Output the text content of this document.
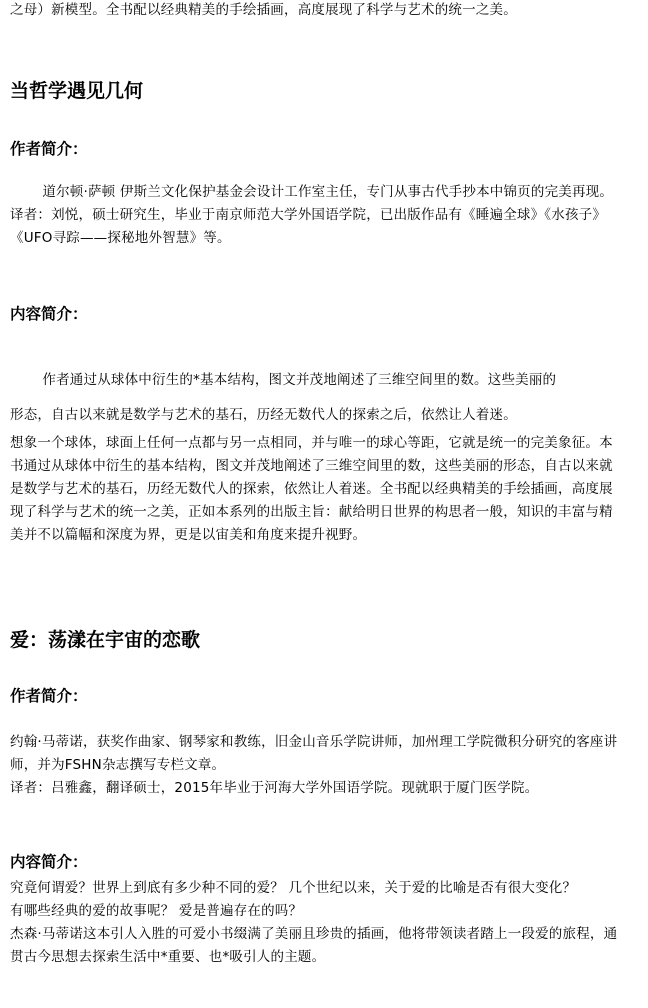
之母）新模型。全书配以经典精美的手绘插画，高度展现了科学与艺术的统一之美。

当哲学遇见几何
作者简介：

道尔顿·萨顿 伊斯兰文化保护基金会设计工作室主任，专门从事古代手抄本中锦页的完美再现。

译者：刘悦，硕士研究生，毕业于南京师范大学外国语学院，已出版作品有《睡遍全球》《水孩子》《UFO寻踪——探秘地外智慧》等。

内容简介：

作者通过从球体中衍生的*基本结构，图文并茂地阐述了三维空间里的数。这些美丽的

形态，自古以来就是数学与艺术的基石，历经无数代人的探索之后，依然让人着迷。

想象一个球体，球面上任何一点都与另一点相同，并与唯一的球心等距，它就是统一的完美象征。本书通过从球体中衍生的基本结构，图文并茂地阐述了三维空间里的数，这些美丽的形态，自古以来就是数学与艺术的基石，历经无数代人的探索，依然让人着迷。全书配以经典精美的手绘插画，高度展现了科学与艺术的统一之美，正如本系列的出版主旨：献给明日世界的构思者一般，知识的丰富与精美并不以篇幅和深度为界，更是以宙美和角度来提升视野。

爱：荡漾在宇宙的恋歌
作者简介：

约翰·马蒂诺，获奖作曲家、钢琴家和教练，旧金山音乐学院讲师，加州理工学院微积分研究的客座讲师，并为FSHN杂志撰写专栏文章。

译者：吕雅鑫，翻译硕士，2015年毕业于河海大学外国语学院。现就职于厦门医学院。

内容简介：

究竟何谓爱？世界上到底有多少种不同的爱？ 几个世纪以来，关于爱的比喻是否有很大变化？

有哪些经典的爱的故事呢？ 爱是普遍存在的吗？

杰森·马蒂诺这本引人入胜的可爱小书缀满了美丽且珍贵的插画，他将带领读者踏上一段爱的旅程，通贯古今思想去探索生活中*重要、也*吸引人的主题。
